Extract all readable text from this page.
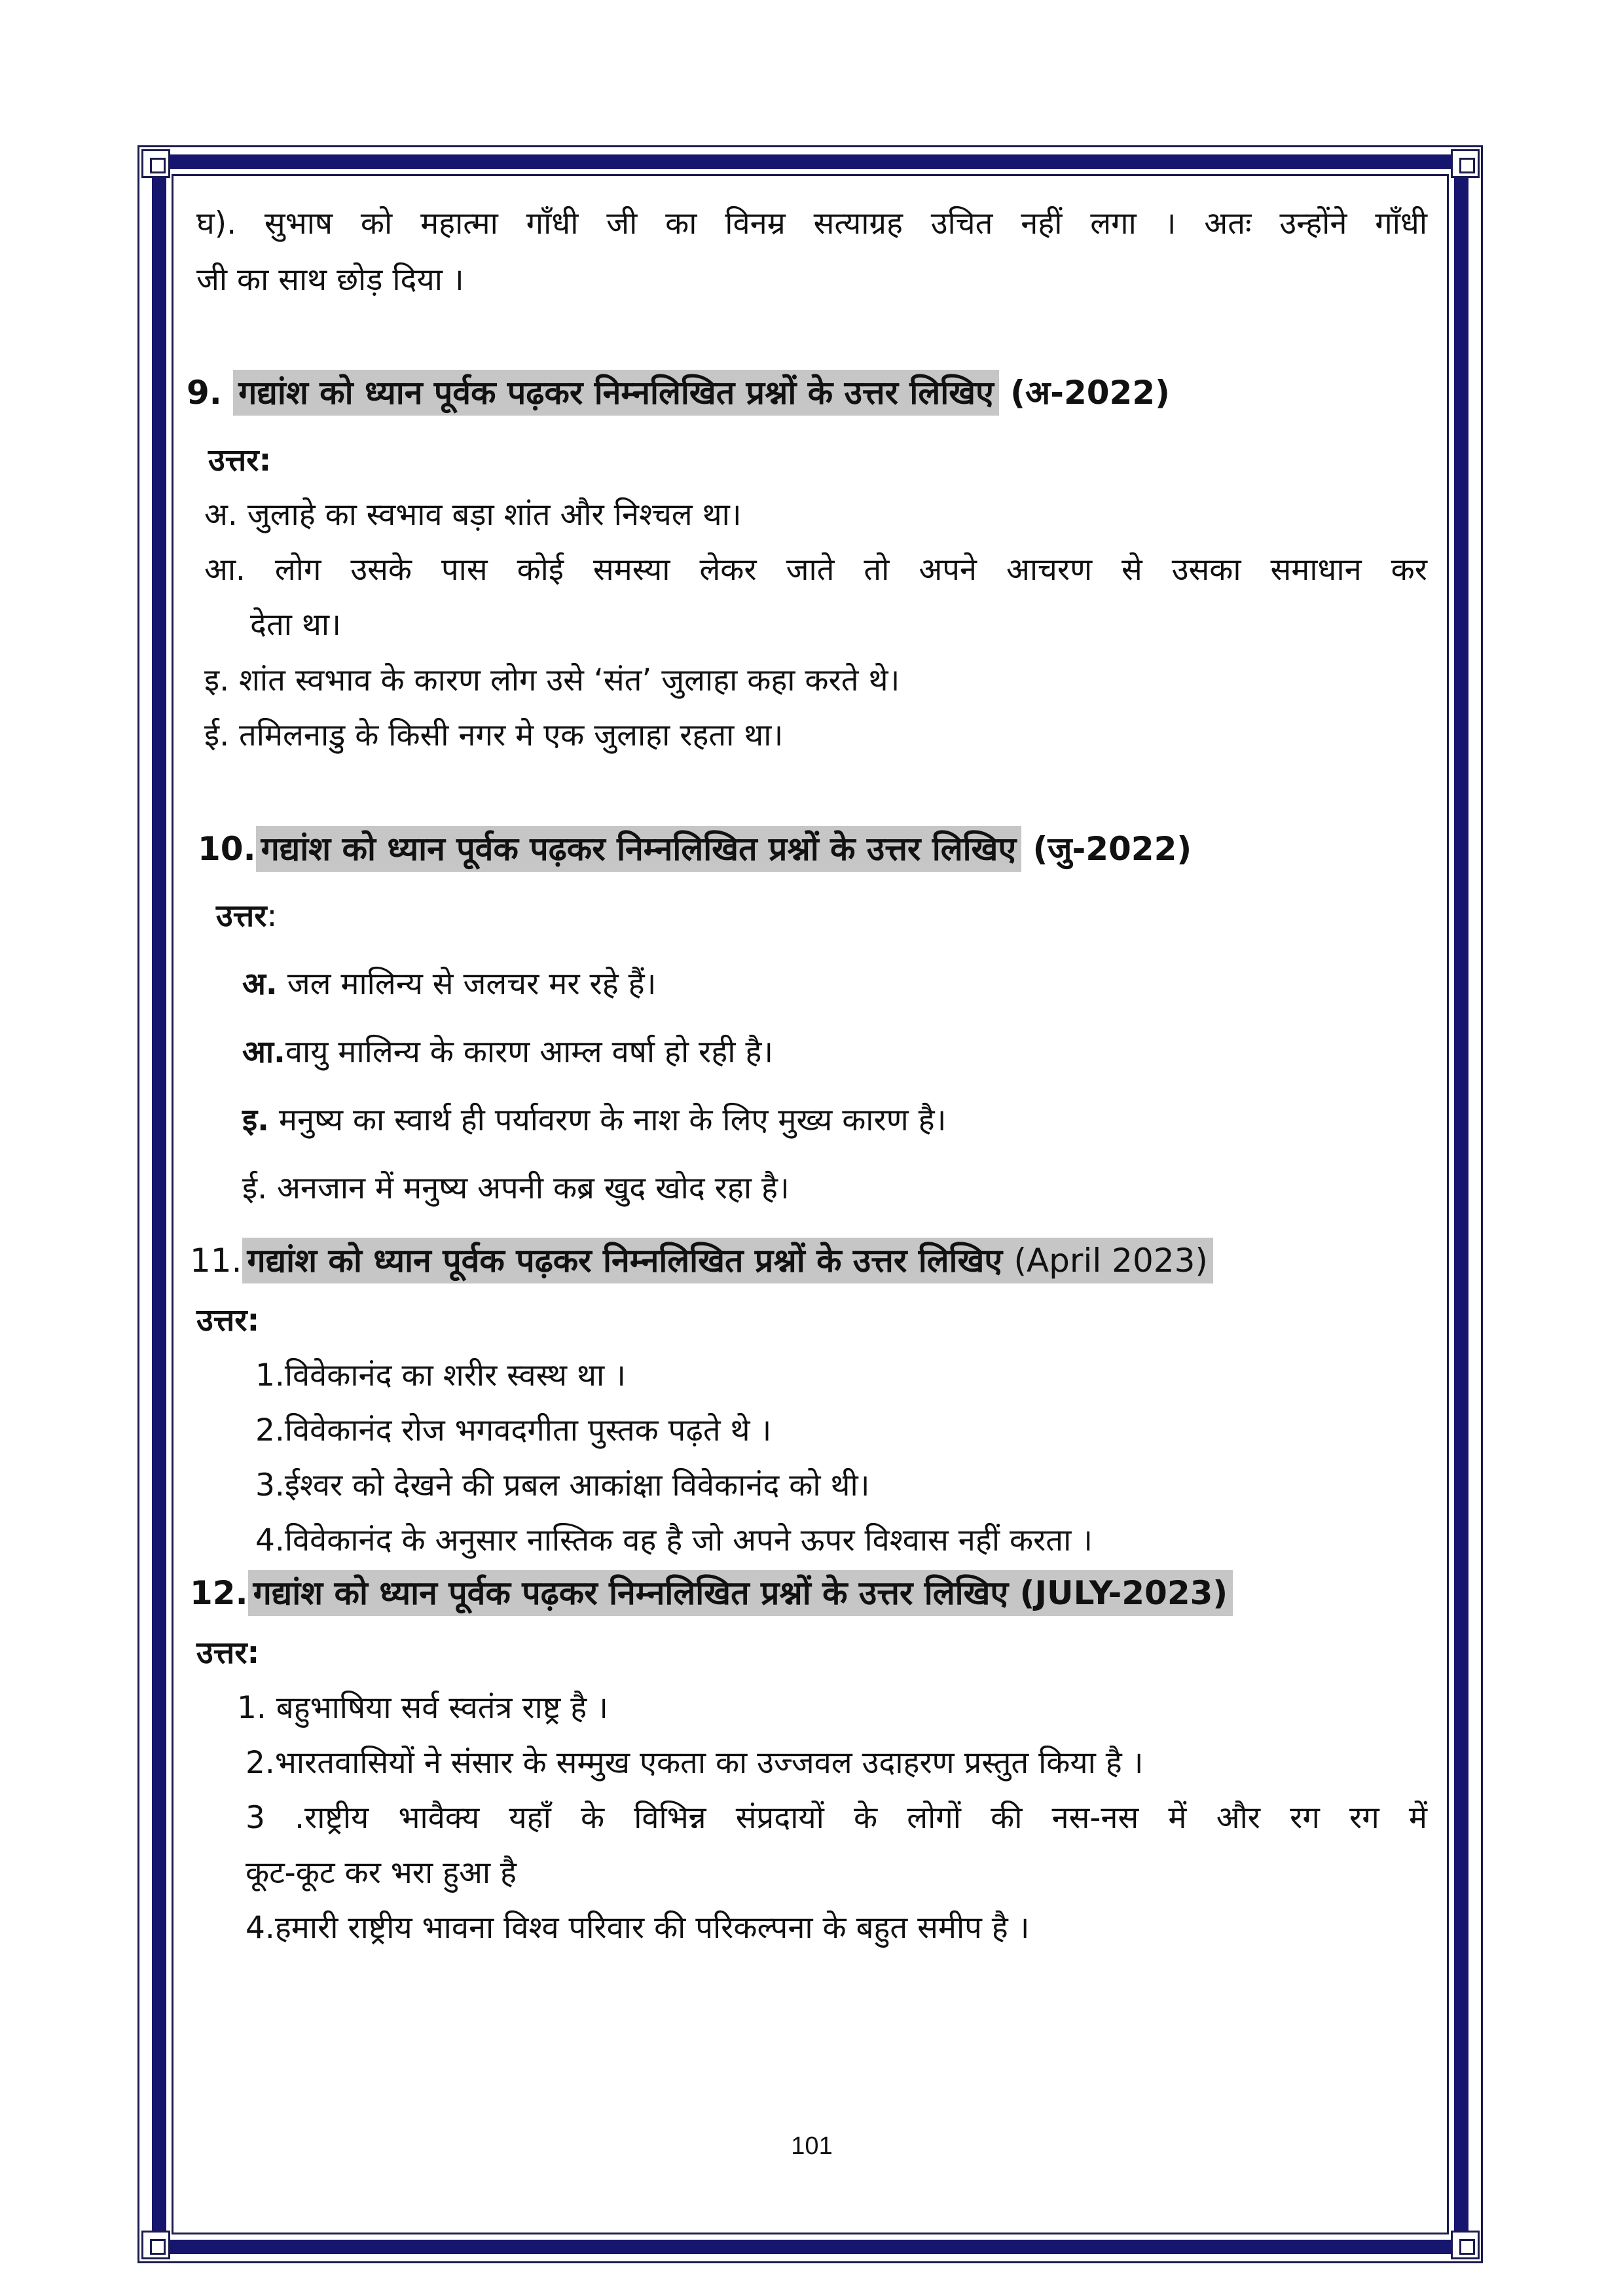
घ). सुभाष को महात्मा गाँधी जी का विनम्र सत्याग्रह उचित नहीं लगा । अतः उन्होंने गाँधी
जी का साथ छोड़ दिया ।
9. गद्यांश को ध्यान पूर्वक पढ़कर निम्नलिखित प्रश्नों के उत्तर लिखिए (अ-2022)
उत्तर:
अ. जुलाहे का स्वभाव बड़ा शांत और निश्चल था।
आ. लोग उसके पास कोई समस्या लेकर जाते तो अपने आचरण से उसका समाधान कर
देता था।
इ. शांत स्वभाव के कारण लोग उसे ‘संत’ जुलाहा कहा करते थे।
ई. तमिलनाडु के किसी नगर मे एक जुलाहा रहता था।
10. गद्यांश को ध्यान पूर्वक पढ़कर निम्नलिखित प्रश्नों के उत्तर लिखिए (जु-2022)
उत्तर:
अ. जल मालिन्य से जलचर मर रहे हैं।
आ.वायु मालिन्य के कारण आम्ल वर्षा हो रही है।
इ. मनुष्य का स्वार्थ ही पर्यावरण के नाश के लिए मुख्य कारण है।
ई. अनजान में मनुष्य अपनी कब्र खुद खोद रहा है।
11. गद्यांश को ध्यान पूर्वक पढ़कर निम्नलिखित प्रश्नों के उत्तर लिखिए (April 2023)
उत्तर:
1.विवेकानंद का शरीर स्वस्थ था ।
2.विवेकानंद रोज भगवदगीता पुस्तक पढ़ते थे ।
3.ईश्वर को देखने की प्रबल आकांक्षा विवेकानंद को थी।
4.विवेकानंद के अनुसार नास्तिक वह है जो अपने ऊपर विश्वास नहीं करता ।
12. गद्यांश को ध्यान पूर्वक पढ़कर निम्नलिखित प्रश्नों के उत्तर लिखिए (JULY-2023)
उत्तर:
1. बहुभाषिया सर्व स्वतंत्र राष्ट्र है ।
2.भारतवासियों ने संसार के सम्मुख एकता का उज्जवल उदाहरण प्रस्तुत किया है ।
3 .राष्ट्रीय भावैक्य यहाँ के विभिन्न संप्रदायों के लोगों की नस-नस में और रग रग में
कूट-कूट कर भरा हुआ है
4.हमारी राष्ट्रीय भावना विश्व परिवार की परिकल्पना के बहुत समीप है ।
101
